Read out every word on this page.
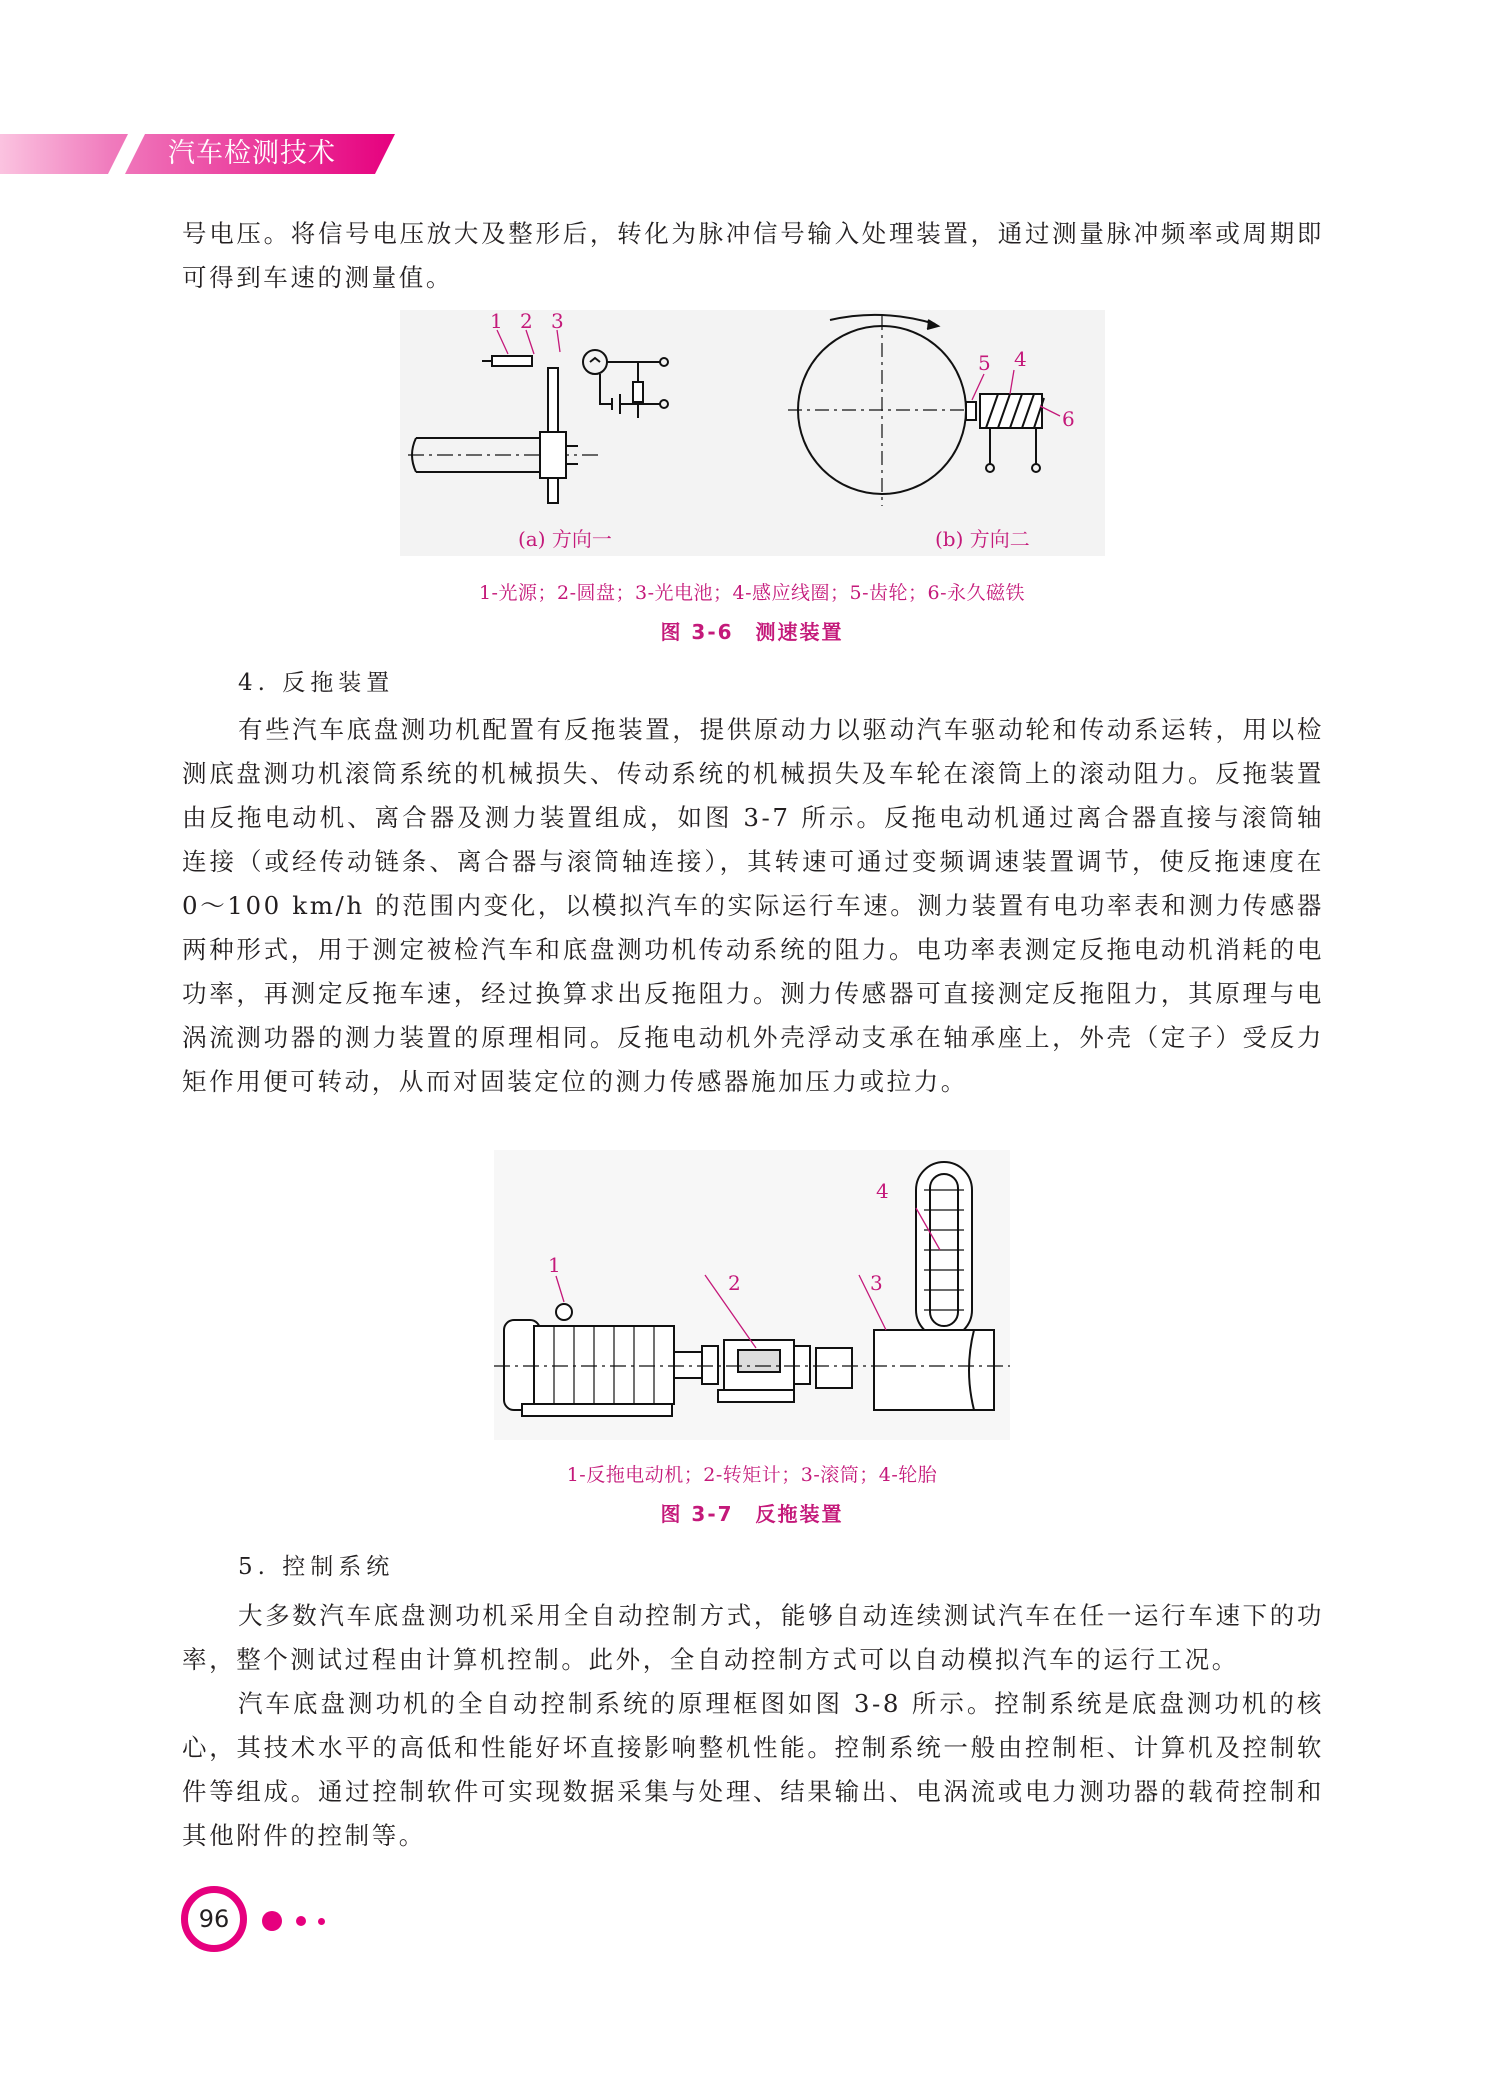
汽车检测技术

号电压。将信号电压放大及整形后，转化为脉冲信号输入处理装置，通过测量脉冲频率或周期即可得到车速的测量值。

1 2 3
5 4
6
(a) 方向一	(b) 方向二
1-光源；2-圆盘；3-光电池；4-感应线圈；5-齿轮；6-永久磁铁
图 3-6　测速装置
4. 反拖装置

有些汽车底盘测功机配置有反拖装置，提供原动力以驱动汽车驱动轮和传动系运转，用以检测底盘测功机滚筒系统的机械损失、传动系统的机械损失及车轮在滚筒上的滚动阻力。反拖装置由反拖电动机、离合器及测力装置组成，如图 3-7 所示。反拖电动机通过离合器直接与滚筒轴连接（或经传动链条、离合器与滚筒轴连接），其转速可通过变频调速装置调节，使反拖速度在 0～100 km/h 的范围内变化，以模拟汽车的实际运行车速。测力装置有电功率表和测力传感器两种形式，用于测定被检汽车和底盘测功机传动系统的阻力。电功率表测定反拖电动机消耗的电功率，再测定反拖车速，经过换算求出反拖阻力。测力传感器可直接测定反拖阻力，其原理与电涡流测功器的测力装置的原理相同。反拖电动机外壳浮动支承在轴承座上，外壳（定子）受反力矩作用便可转动，从而对固装定位的测力传感器施加压力或拉力。

1
2	3
4
1-反拖电动机；2-转矩计；3-滚筒；4-轮胎
图 3-7　反拖装置
5. 控制系统

大多数汽车底盘测功机采用全自动控制方式，能够自动连续测试汽车在任一运行车速下的功率，整个测试过程由计算机控制。此外，全自动控制方式可以自动模拟汽车的运行工况。

汽车底盘测功机的全自动控制系统的原理框图如图 3-8 所示。控制系统是底盘测功机的核心，其技术水平的高低和性能好坏直接影响整机性能。控制系统一般由控制柜、计算机及控制软件等组成。通过控制软件可实现数据采集与处理、结果输出、电涡流或电力测功器的载荷控制和其他附件的控制等。

96
